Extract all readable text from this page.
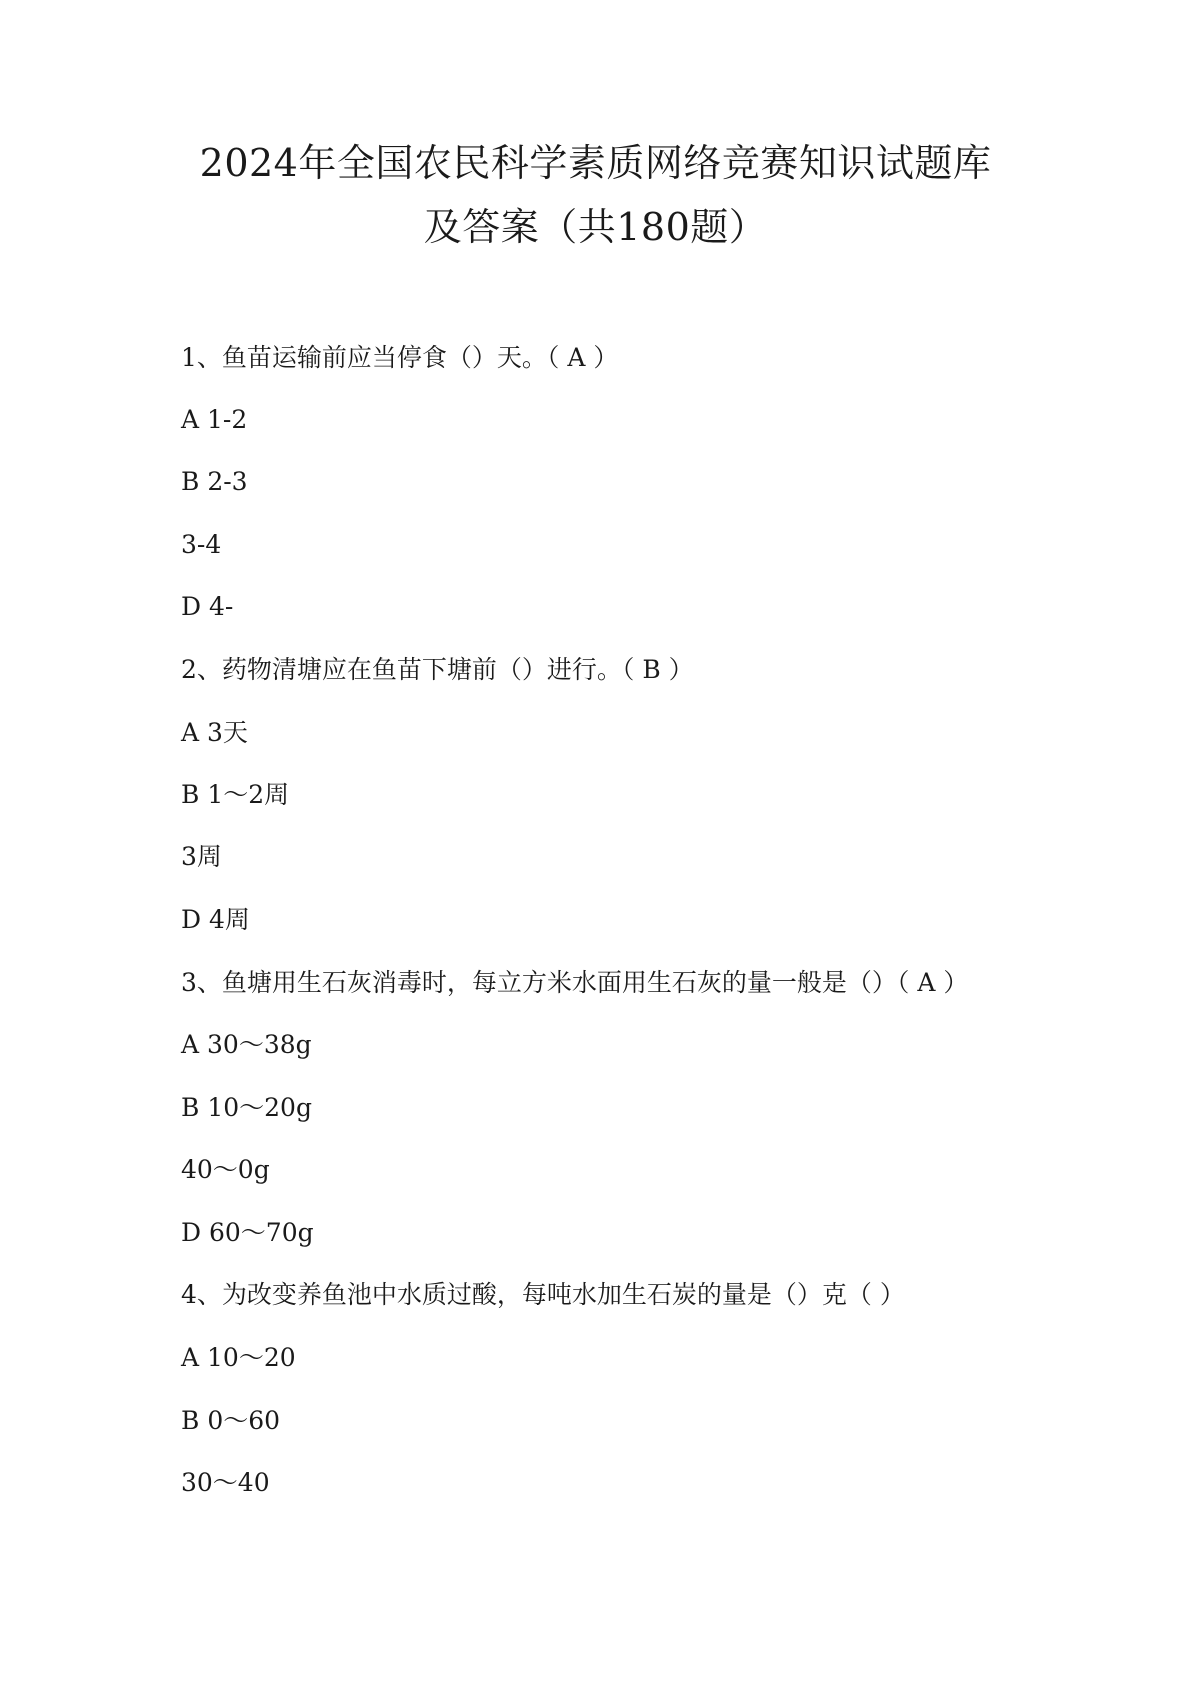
2024年全国农民科学素质网络竞赛知识试题库
及答案（共180题）
1、鱼苗运输前应当停食（）天。（ A ）
A 1-2
B 2-3
3-4
D 4-
2、药物清塘应在鱼苗下塘前（）进行。（ B ）
A 3天
B 1～2周
3周
D 4周
3、鱼塘用生石灰消毒时，每立方米水面用生石灰的量一般是（）（ A ）
A 30～38g
B 10～20g
40～0g
D 60～70g
4、为改变养鱼池中水质过酸，每吨水加生石炭的量是（）克（ ）
A 10～20
B 0～60
30～40
